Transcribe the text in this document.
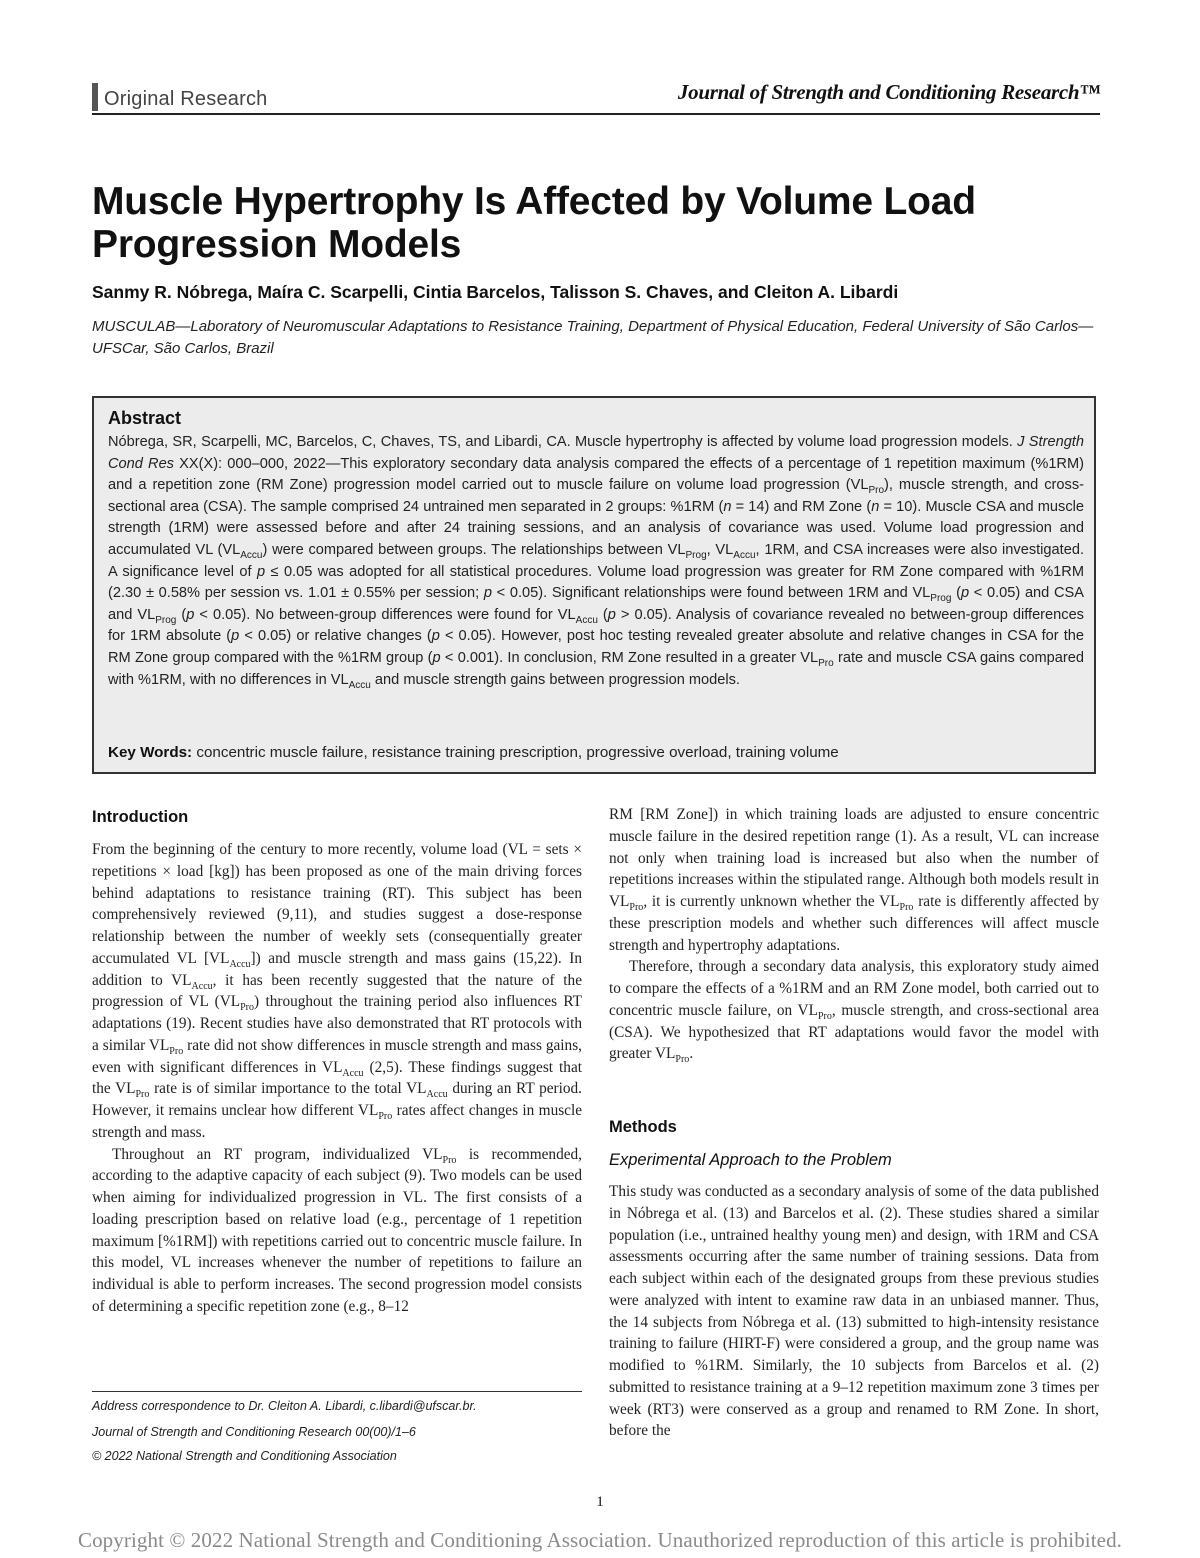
Original Research	Journal of Strength and Conditioning Research™
Muscle Hypertrophy Is Affected by Volume Load Progression Models
Sanmy R. Nóbrega, Maíra C. Scarpelli, Cintia Barcelos, Talisson S. Chaves, and Cleiton A. Libardi
MUSCULAB—Laboratory of Neuromuscular Adaptations to Resistance Training, Department of Physical Education, Federal University of São Carlos—UFSCar, São Carlos, Brazil
Abstract
Nóbrega, SR, Scarpelli, MC, Barcelos, C, Chaves, TS, and Libardi, CA. Muscle hypertrophy is affected by volume load progression models. J Strength Cond Res XX(X): 000–000, 2022—This exploratory secondary data analysis compared the effects of a percentage of 1 repetition maximum (%1RM) and a repetition zone (RM Zone) progression model carried out to muscle failure on volume load progression $(VL_{Pro})$, muscle strength, and cross-sectional area (CSA). The sample comprised 24 untrained men separated in 2 groups: %1RM (n = 14) and RM Zone (n = 10). Muscle CSA and muscle strength (1RM) were assessed before and after 24 training sessions, and an analysis of covariance was used. Volume load progression and accumulated VL $(VL_{Accu})$ were compared between groups. The relationships between $VL_{Prog}$, $VL_{Accu}$, 1RM, and CSA increases were also investigated. A significance level of p ≤ 0.05 was adopted for all statistical procedures. Volume load progression was greater for RM Zone compared with %1RM (2.30 ± 0.58% per session vs. 1.01 ± 0.55% per session; p < 0.05). Significant relationships were found between 1RM and $VL_{Prog}$ (p < 0.05) and CSA and $VL_{Prog}$ (p < 0.05). No between-group differences were found for $VL_{Accu}$ (p > 0.05). Analysis of covariance revealed no between-group differences for 1RM absolute (p < 0.05) or relative changes (p < 0.05). However, post hoc testing revealed greater absolute and relative changes in CSA for the RM Zone group compared with the %1RM group (p < 0.001). In conclusion, RM Zone resulted in a greater $VL_{Pro}$ rate and muscle CSA gains compared with %1RM, with no differences in $VL_{Accu}$ and muscle strength gains between progression models.
Key Words: concentric muscle failure, resistance training prescription, progressive overload, training volume
Introduction

From the beginning of the century to more recently, volume load (VL = sets × repetitions × load [kg]) has been proposed as one of the main driving forces behind adaptations to resistance training (RT). This subject has been comprehensively reviewed (9,11), and studies suggest a dose-response relationship between the number of weekly sets (consequentially greater accumulated VL $[VL_{Accu}]$) and muscle strength and mass gains (15,22). In addition to $VL_{Accu}$, it has been recently suggested that the nature of the progression of VL $(VL_{Pro})$ throughout the training period also influences RT adaptations (19). Recent studies have also demonstrated that RT protocols with a similar $VL_{Pro}$ rate did not show differences in muscle strength and mass gains, even with significant differences in $VL_{Accu}$ (2,5). These findings suggest that the $VL_{Pro}$ rate is of similar importance to the total $VL_{Accu}$ during an RT period. However, it remains unclear how different $VL_{Pro}$ rates affect changes in muscle strength and mass.

Throughout an RT program, individualized $VL_{Pro}$ is recommended, according to the adaptive capacity of each subject (9). Two models can be used when aiming for individualized progression in VL. The first consists of a loading prescription based on relative load (e.g., percentage of 1 repetition maximum [%1RM]) with repetitions carried out to concentric muscle failure. In this model, VL increases whenever the number of repetitions to failure an individual is able to perform increases. The second progression model consists of determining a specific repetition zone (e.g., 8–12

Address correspondence to Dr. Cleiton A. Libardi, c.libardi@ufscar.br.
Journal of Strength and Conditioning Research 00(00)/1–6
© 2022 National Strength and Conditioning Association

RM [RM Zone]) in which training loads are adjusted to ensure concentric muscle failure in the desired repetition range (1). As a result, VL can increase not only when training load is increased but also when the number of repetitions increases within the stipulated range. Although both models result in $VL_{Pro}$, it is currently unknown whether the $VL_{Pro}$ rate is differently affected by these prescription models and whether such differences will affect muscle strength and hypertrophy adaptations.

Therefore, through a secondary data analysis, this exploratory study aimed to compare the effects of a %1RM and an RM Zone model, both carried out to concentric muscle failure, on $VL_{Pro}$, muscle strength, and cross-sectional area (CSA). We hypothesized that RT adaptations would favor the model with greater $VL_{Pro}$.

Methods
Experimental Approach to the Problem

This study was conducted as a secondary analysis of some of the data published in Nóbrega et al. (13) and Barcelos et al. (2). These studies shared a similar population (i.e., untrained healthy young men) and design, with 1RM and CSA assessments occurring after the same number of training sessions. Data from each subject within each of the designated groups from these previous studies were analyzed with intent to examine raw data in an unbiased manner. Thus, the 14 subjects from Nóbrega et al. (13) submitted to high-intensity resistance training to failure (HIRT-F) were considered a group, and the group name was modified to %1RM. Similarly, the 10 subjects from Barcelos et al. (2) submitted to resistance training at a 9–12 repetition maximum zone 3 times per week (RT3) were conserved as a group and renamed to RM Zone. In short, before the

1
Copyright © 2022 National Strength and Conditioning Association. Unauthorized reproduction of this article is prohibited.
